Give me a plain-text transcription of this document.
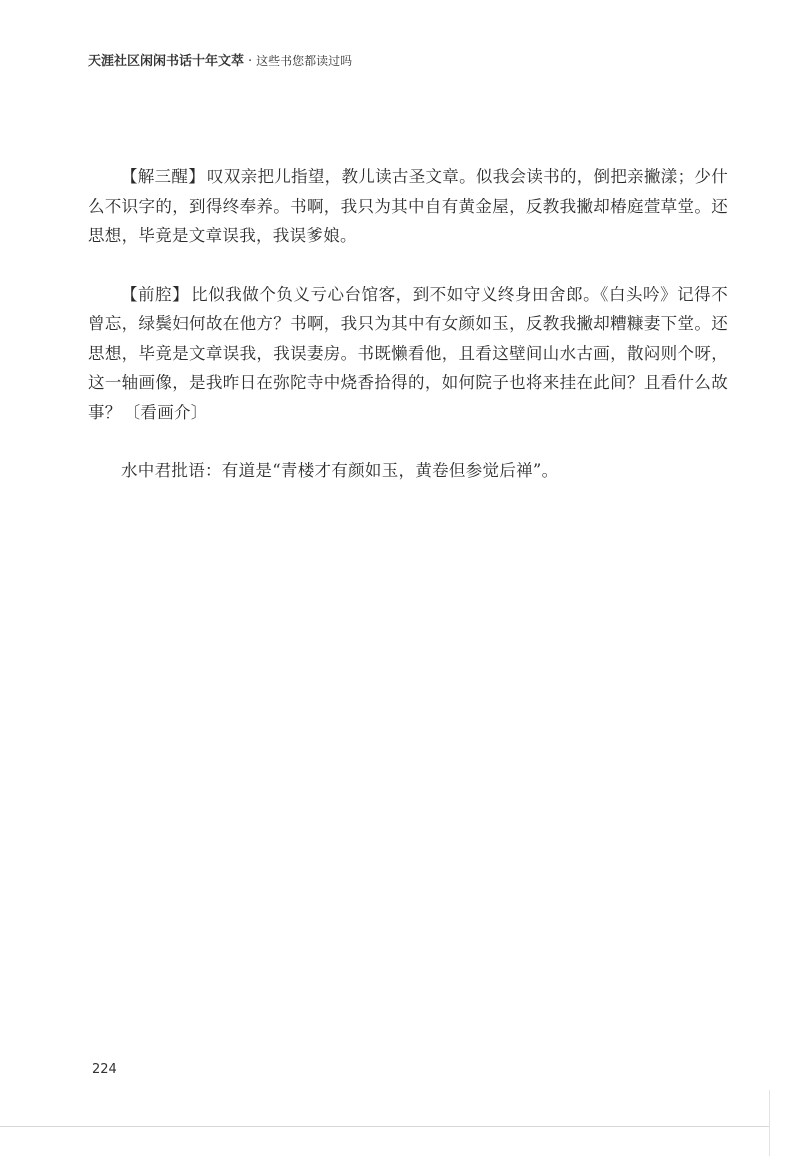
天涯社区闲闲书话十年文萃 · 这些书您都读过吗

【解三醒】 叹双亲把儿指望，教儿读古圣文章。似我会读书的，倒把亲撇漾；少什么不识字的，到得终奉养。书啊，我只为其中自有黄金屋，反教我撇却椿庭萱草堂。还思想，毕竟是文章误我，我误爹娘。

【前腔】 比似我做个负义亏心台馆客，到不如守义终身田舍郎。《白头吟》记得不曾忘，绿鬓妇何故在他方？书啊，我只为其中有女颜如玉，反教我撇却糟糠妻下堂。还思想，毕竟是文章误我，我误妻房。书既懒看他，且看这壁间山水古画，散闷则个呀，这一轴画像，是我昨日在弥陀寺中烧香拾得的，如何院子也将来挂在此间？且看什么故事？ 〔看画介〕

水中君批语：有道是“青楼才有颜如玉，黄卷但参觉后禅”。

224
